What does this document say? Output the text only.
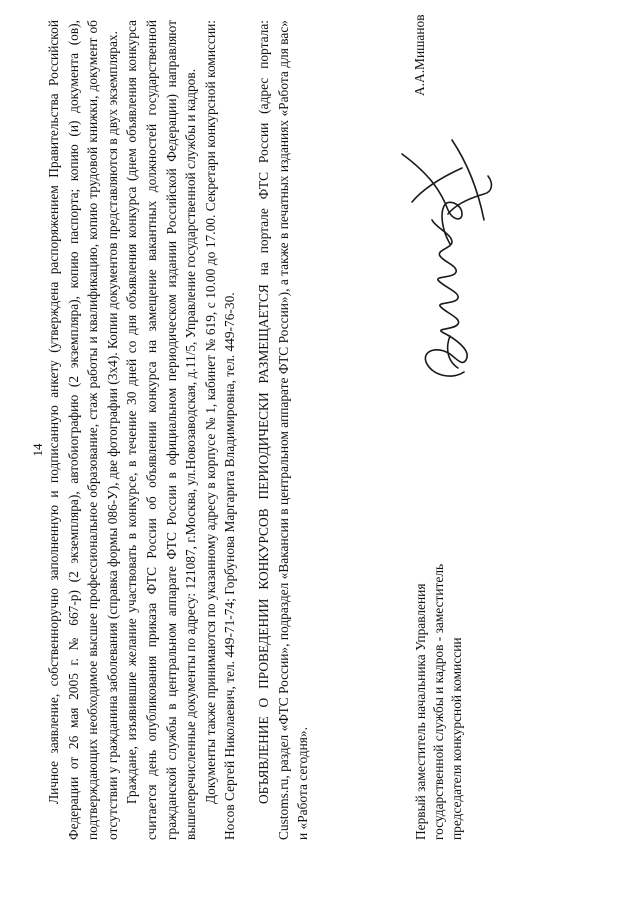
14 Личное заявление, собственноручно заполненную и подписанную анкету (утверждена распоряжением Правительства Российской Федерации от 26 мая 2005 г. № 667-р) (2 экземпляра), автобиографию (2 экземпляра), копию паспорта; копию (и) документа (ов), подтверждающих необходимое высшее профессиональное образование, стаж работы и квалификацию, копию трудовой книжки, документ об отсутствии у гражданина заболевания (справка формы 086-У), две фотографии (3х4). Копии документов представляются в двух экземплярах. Граждане, изъявившие желание участвовать в конкурсе, в течение 30 дней со дня объявления конкурса (днем объявления конкурса считается день опубликования приказа ФТС России об объявлении конкурса на замещение вакантных должностей государственной гражданской службы в центральном аппарате ФТС России в официальном периодическом издании Российской Федерации) направляют вышеперечисленные документы по адресу: 121087, г.Москва, ул.Новозаводская, д.11/5, Управление государственной службы и кадров. Документы также принимаются по указанному адресу в корпусе № 1, кабинет № 619, с 10.00 до 17.00. Секретари конкурсной комиссии: Носов Сергей Николаевич, тел. 449-71-74; Горбунова Маргарита Владимировна, тел. 449-76-30. ОБЪЯВЛЕНИЕ О ПРОВЕДЕНИИ КОНКУРСОВ ПЕРИОДИЧЕСКИ РАЗМЕЩАЕТСЯ на портале ФТС России (адрес портала: Customs.ru, раздел «ФТС России», подраздел «Вакансии в центральном аппарате ФТС России»), а также в печатных изданиях «Работа для вас» и «Работа сегодня».	Первый заместитель начальника Управления государственной службы и кадров - заместитель председателя конкурсной комиссии
А.А.Мишанов
